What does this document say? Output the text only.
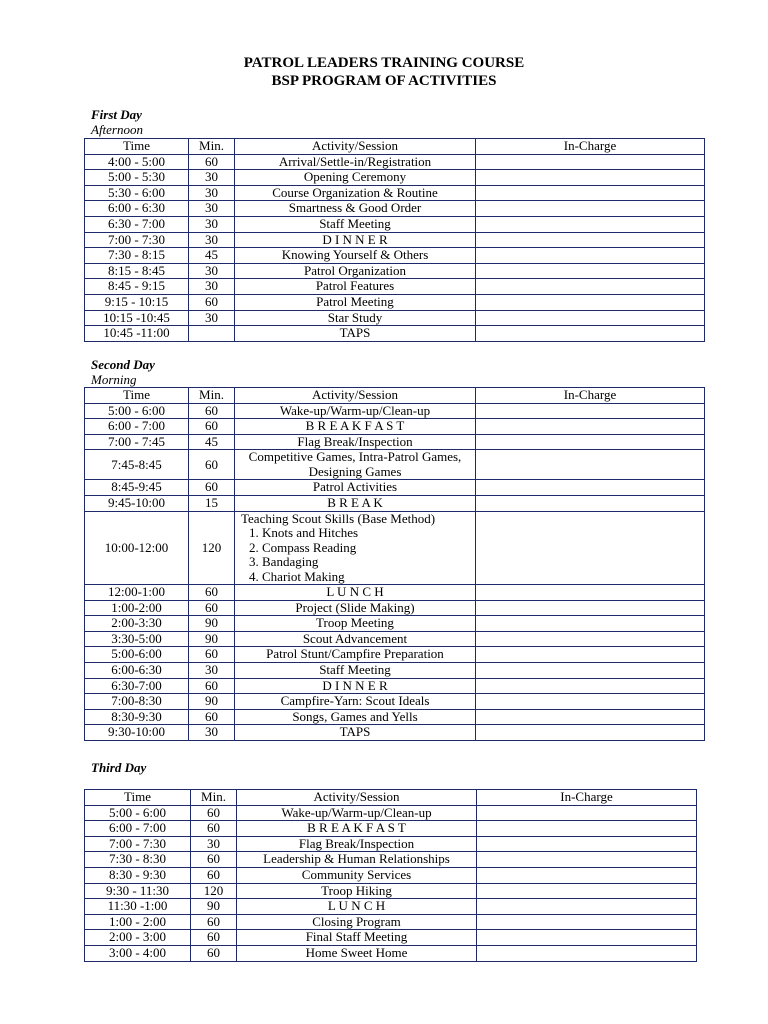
PATROL LEADERS TRAINING COURSE
BSP PROGRAM OF ACTIVITIES
First Day
Afternoon
Time	Min.	Activity/Session	In-Charge
4:00 - 5:00	60	Arrival/Settle-in/Registration	
5:00 - 5:30	30	Opening Ceremony	
5:30 - 6:00	30	Course Organization & Routine	
6:00 - 6:30	30	Smartness & Good Order	
6:30 - 7:00	30	Staff Meeting	
7:00 - 7:30	30	D I N N E R	
7:30 - 8:15	45	Knowing Yourself & Others	
8:15 - 8:45	30	Patrol Organization	
8:45 - 9:15	30	Patrol Features	
9:15 - 10:15	60	Patrol Meeting	
10:15 -10:45	30	Star Study	
10:45 -11:00		TAPS	
Second Day
Morning
Time	Min.	Activity/Session	In-Charge
5:00 - 6:00	60	Wake-up/Warm-up/Clean-up	
6:00 - 7:00	60	B R E A K F A S T	
7:00 - 7:45	45	Flag Break/Inspection	
7:45-8:45	60	Competitive Games, Intra-Patrol Games, Designing Games	
8:45-9:45	60	Patrol Activities	
9:45-10:00	15	B R E A K	
10:00-12:00	120	Teaching Scout Skills (Base Method)
1. Knots and Hitches
2. Compass Reading
3. Bandaging
4. Chariot Making	

12:00-1:00	60	L U N C H	
1:00-2:00	60	Project (Slide Making)	
2:00-3:30	90	Troop Meeting	
3:30-5:00	90	Scout Advancement	
5:00-6:00	60	Patrol Stunt/Campfire Preparation	
6:00-6:30	30	Staff Meeting	
6:30-7:00	60	D I N N E R	
7:00-8:30	90	Campfire-Yarn: Scout Ideals	
8:30-9:30	60	Songs, Games and Yells	
9:30-10:00	30	TAPS	
Third Day
Time	Min.	Activity/Session	In-Charge
5:00 - 6:00	60	Wake-up/Warm-up/Clean-up	
6:00 - 7:00	60	B R E A K F A S T	
7:00 - 7:30	30	Flag Break/Inspection	
7:30 - 8:30	60	Leadership & Human Relationships	
8:30 - 9:30	60	Community Services	
9:30 - 11:30	120	Troop Hiking	
11:30 -1:00	90	L U N C H	
1:00 - 2:00	60	Closing Program	
2:00 - 3:00	60	Final Staff Meeting	
3:00 - 4:00	60	Home Sweet Home	
